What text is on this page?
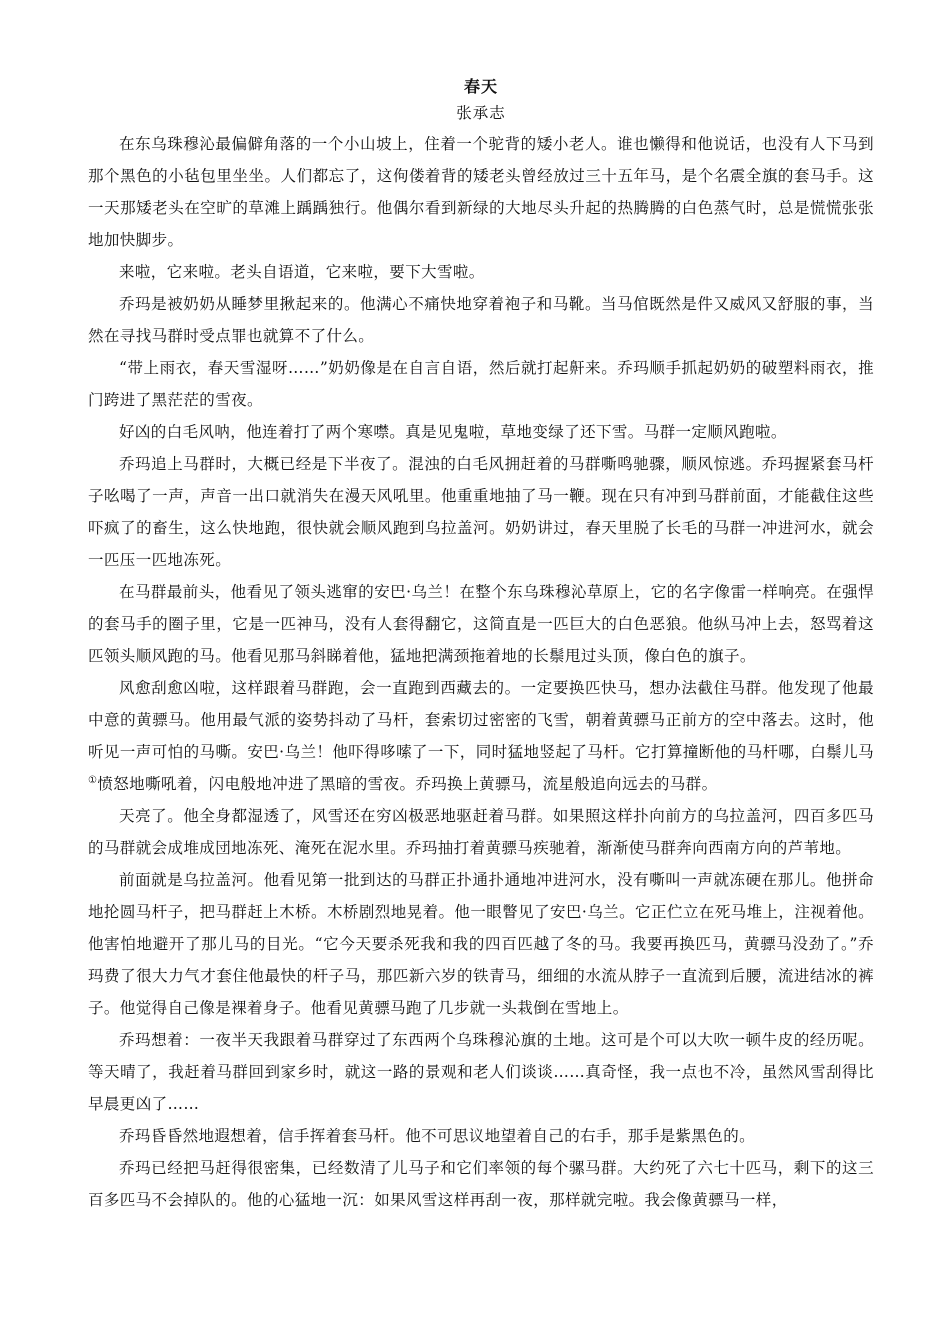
春天
张承志

在东乌珠穆沁最偏僻角落的一个小山坡上，住着一个驼背的矮小老人。谁也懒得和他说话，也没有人下马到那个黑色的小毡包里坐坐。人们都忘了，这佝偻着背的矮老头曾经放过三十五年马，是个名震全旗的套马手。这一天那矮老头在空旷的草滩上踽踽独行。他偶尔看到新绿的大地尽头升起的热腾腾的白色蒸气时，总是慌慌张张地加快脚步。

来啦，它来啦。老头自语道，它来啦，要下大雪啦。

乔玛是被奶奶从睡梦里揪起来的。他满心不痛快地穿着袍子和马靴。当马倌既然是件又威风又舒服的事，当然在寻找马群时受点罪也就算不了什么。

“带上雨衣，春天雪湿呀……”奶奶像是在自言自语，然后就打起鼾来。乔玛顺手抓起奶奶的破塑料雨衣，推门跨进了黑茫茫的雪夜。

好凶的白毛风呐，他连着打了两个寒噤。真是见鬼啦，草地变绿了还下雪。马群一定顺风跑啦。

乔玛追上马群时，大概已经是下半夜了。混浊的白毛风拥赶着的马群嘶鸣驰骤，顺风惊逃。乔玛握紧套马杆子吆喝了一声，声音一出口就消失在漫天风吼里。他重重地抽了马一鞭。现在只有冲到马群前面，才能截住这些吓疯了的畜生，这么快地跑，很快就会顺风跑到乌拉盖河。奶奶讲过，春天里脱了长毛的马群一冲进河水，就会一匹压一匹地冻死。

在马群最前头，他看见了领头逃窜的安巴·乌兰！在整个东乌珠穆沁草原上，它的名字像雷一样响亮。在强悍的套马手的圈子里，它是一匹神马，没有人套得翻它，这简直是一匹巨大的白色恶狼。他纵马冲上去，怒骂着这匹领头顺风跑的马。他看见那马斜睇着他，猛地把满颈拖着地的长鬃甩过头顶，像白色的旗子。

风愈刮愈凶啦，这样跟着马群跑，会一直跑到西藏去的。一定要换匹快马，想办法截住马群。他发现了他最中意的黄骠马。他用最气派的姿势抖动了马杆，套索切过密密的飞雪，朝着黄骠马正前方的空中落去。这时，他听见一声可怕的马嘶。安巴·乌兰！他吓得哆嗦了一下，同时猛地竖起了马杆。它打算撞断他的马杆哪，白鬃儿马①愤怒地嘶吼着，闪电般地冲进了黑暗的雪夜。乔玛换上黄骠马，流星般追向远去的马群。

天亮了。他全身都湿透了，风雪还在穷凶极恶地驱赶着马群。如果照这样扑向前方的乌拉盖河，四百多匹马的马群就会成堆成団地冻死、淹死在泥水里。乔玛抽打着黄骠马疾驰着，渐渐使马群奔向西南方向的芦苇地。

前面就是乌拉盖河。他看见第一批到达的马群正扑通扑通地冲进河水，没有嘶叫一声就冻硬在那儿。他拼命地抡圆马杆子，把马群赶上木桥。木桥剧烈地晃着。他一眼瞥见了安巴·乌兰。它正伫立在死马堆上，注视着他。他害怕地避开了那儿马的目光。“它今天要杀死我和我的四百匹越了冬的马。我要再换匹马，黄骠马没劲了。”乔玛费了很大力气才套住他最快的杆子马，那匹新六岁的铁青马，细细的水流从脖子一直流到后腰，流进结冰的裤子。他觉得自己像是裸着身子。他看见黄骠马跑了几步就一头栽倒在雪地上。

乔玛想着：一夜半天我跟着马群穿过了东西两个乌珠穆沁旗的土地。这可是个可以大吹一顿牛皮的经历呢。等天晴了，我赶着马群回到家乡时，就这一路的景观和老人们谈谈……真奇怪，我一点也不冷，虽然风雪刮得比早晨更凶了……

乔玛昏昏然地遐想着，信手挥着套马杆。他不可思议地望着自己的右手，那手是紫黑色的。

乔玛已经把马赶得很密集，已经数清了儿马子和它们率领的每个骡马群。大约死了六七十匹马，剩下的这三百多匹马不会掉队的。他的心猛地一沉：如果风雪这样再刮一夜，那样就完啦。我会像黄骠马一样，
